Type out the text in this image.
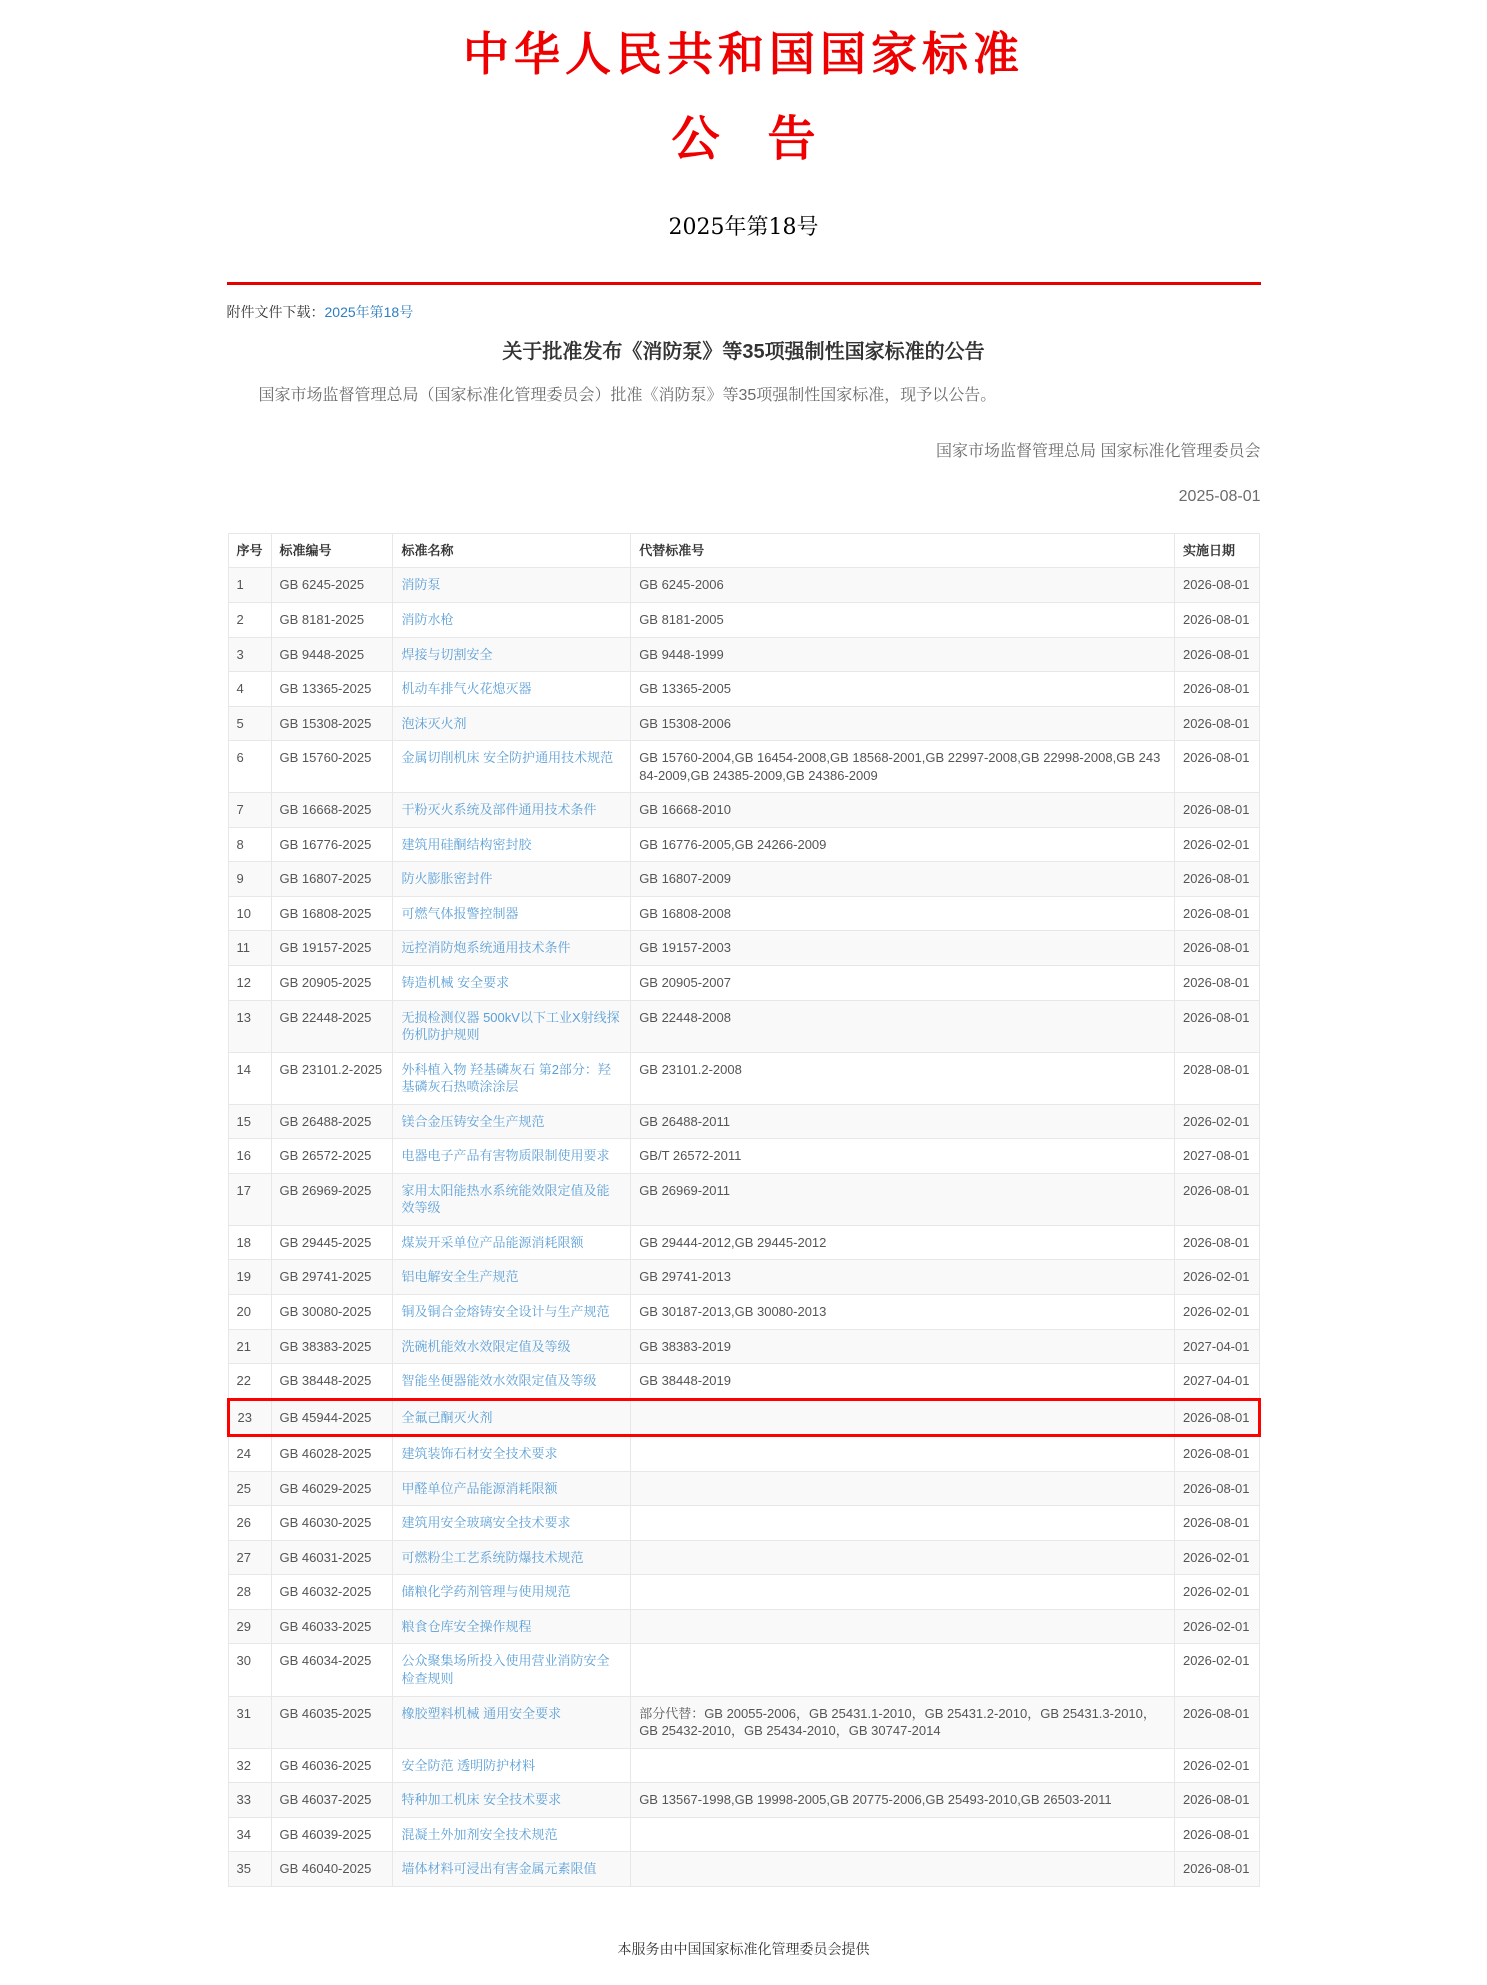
中华人民共和国国家标准
公　告
2025年第18号
附件文件下载：2025年第18号
关于批准发布《消防泵》等35项强制性国家标准的公告

国家市场监督管理总局（国家标准化管理委员会）批准《消防泵》等35项强制性国家标准，现予以公告。

国家市场监督管理总局 国家标准化管理委员会
2025-08-01
序号	标准编号	标准名称	代替标准号	实施日期
1	GB 6245-2025	消防泵	GB 6245-2006	2026-08-01
2	GB 8181-2025	消防水枪	GB 8181-2005	2026-08-01
3	GB 9448-2025	焊接与切割安全	GB 9448-1999	2026-08-01
4	GB 13365-2025	机动车排气火花熄灭器	GB 13365-2005	2026-08-01
5	GB 15308-2025	泡沫灭火剂	GB 15308-2006	2026-08-01
6	GB 15760-2025	金属切削机床 安全防护通用技术规范	GB 15760-2004,GB 16454-2008,GB 18568-2001,GB 22997-2008,GB 22998-2008,GB 24384-2009,GB 24385-2009,GB 24386-2009	2026-08-01
7	GB 16668-2025	干粉灭火系统及部件通用技术条件	GB 16668-2010	2026-08-01
8	GB 16776-2025	建筑用硅酮结构密封胶	GB 16776-2005,GB 24266-2009	2026-02-01
9	GB 16807-2025	防火膨胀密封件	GB 16807-2009	2026-08-01
10	GB 16808-2025	可燃气体报警控制器	GB 16808-2008	2026-08-01
11	GB 19157-2025	远控消防炮系统通用技术条件	GB 19157-2003	2026-08-01
12	GB 20905-2025	铸造机械 安全要求	GB 20905-2007	2026-08-01
13	GB 22448-2025	无损检测仪器 500kV以下工业X射线探伤机防护规则	GB 22448-2008	2026-08-01
14	GB 23101.2-2025	外科植入物 羟基磷灰石 第2部分：羟基磷灰石热喷涂涂层	GB 23101.2-2008	2028-08-01
15	GB 26488-2025	镁合金压铸安全生产规范	GB 26488-2011	2026-02-01
16	GB 26572-2025	电器电子产品有害物质限制使用要求	GB/T 26572-2011	2027-08-01
17	GB 26969-2025	家用太阳能热水系统能效限定值及能效等级	GB 26969-2011	2026-08-01
18	GB 29445-2025	煤炭开采单位产品能源消耗限额	GB 29444-2012,GB 29445-2012	2026-08-01
19	GB 29741-2025	铝电解安全生产规范	GB 29741-2013	2026-02-01
20	GB 30080-2025	铜及铜合金熔铸安全设计与生产规范	GB 30187-2013,GB 30080-2013	2026-02-01
21	GB 38383-2025	洗碗机能效水效限定值及等级	GB 38383-2019	2027-04-01
22	GB 38448-2025	智能坐便器能效水效限定值及等级	GB 38448-2019	2027-04-01
23	GB 45944-2025	全氟己酮灭火剂		2026-08-01
24	GB 46028-2025	建筑装饰石材安全技术要求		2026-08-01
25	GB 46029-2025	甲醛单位产品能源消耗限额		2026-08-01
26	GB 46030-2025	建筑用安全玻璃安全技术要求		2026-08-01
27	GB 46031-2025	可燃粉尘工艺系统防爆技术规范		2026-02-01
28	GB 46032-2025	储粮化学药剂管理与使用规范		2026-02-01
29	GB 46033-2025	粮食仓库安全操作规程		2026-02-01
30	GB 46034-2025	公众聚集场所投入使用营业消防安全检查规则		2026-02-01
31	GB 46035-2025	橡胶塑料机械 通用安全要求	部分代替：GB 20055-2006，GB 25431.1-2010，GB 25431.2-2010，GB 25431.3-2010，GB 25432-2010，GB 25434-2010，GB 30747-2014	2026-08-01
32	GB 46036-2025	安全防范 透明防护材料		2026-02-01
33	GB 46037-2025	特种加工机床 安全技术要求	GB 13567-1998,GB 19998-2005,GB 20775-2006,GB 25493-2010,GB 26503-2011	2026-08-01
34	GB 46039-2025	混凝土外加剂安全技术规范		2026-08-01
35	GB 46040-2025	墙体材料可浸出有害金属元素限值		2026-08-01
本服务由中国国家标准化管理委员会提供
